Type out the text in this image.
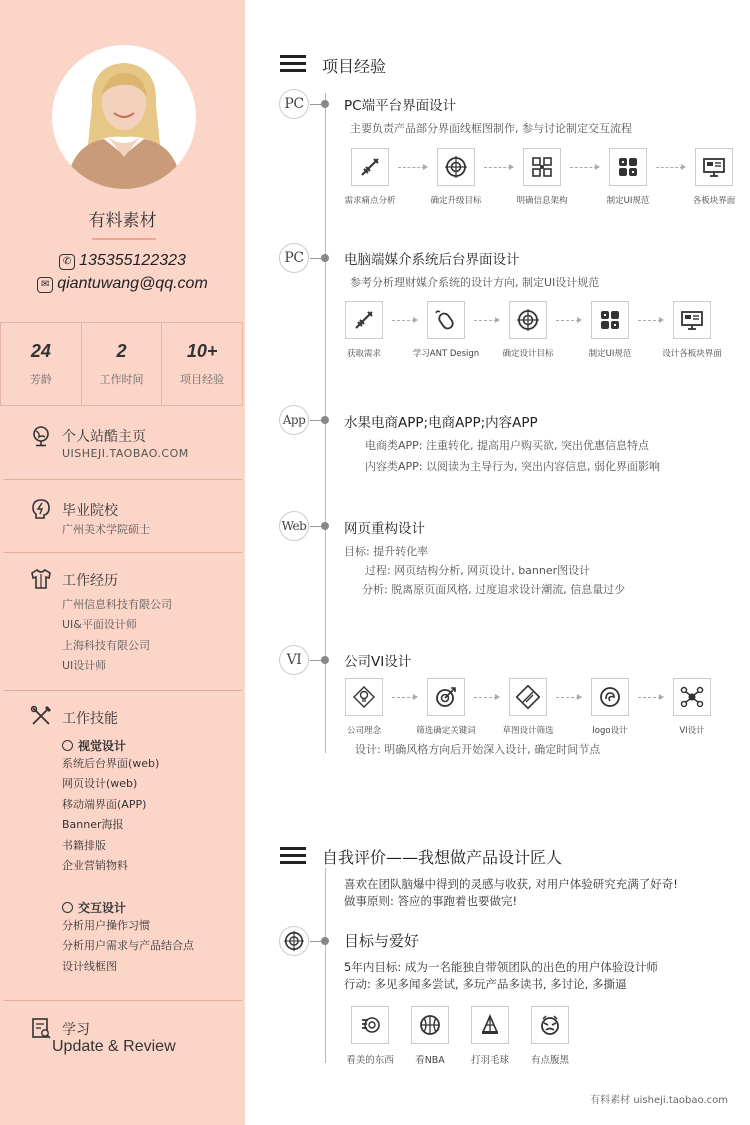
有料素材
✆ 135355122323
✉ qiantuwang@qq.com
24
芳龄
2
工作时间
10+
项目经验
个人站酷主页
UISHEJI.TAOBAO.COM
毕业院校
广州美术学院硕士
工作经历
广州信息科技有限公司
UI&平面设计师
上海科技有限公司
UI设计师
工作技能
视觉设计
系统后台界面(web)
网页设计(web)
移动端界面(APP)
Banner海报
书籍排版
企业营销物料
交互设计
分析用户操作习惯
分析用户需求与产品结合点
设计线框图
学习
Update & Review
项目经验
PC	PC端平台界面设计
主要负责产品部分界面线框图制作, 参与讨论制定交互流程
需求痛点分析	确定升级目标	明确信息架构	制定UI规范	各板块界面
PC	电脑端媒介系统后台界面设计
参考分析理财媒介系统的设计方向, 制定UI设计规范
获取需求	学习ANT Design	确定设计目标	制定UI规范	设计各板块界面
App	水果电商APP;电商APP;内容APP
电商类APP: 注重转化, 提高用户购买欲, 突出优惠信息特点
内容类APP: 以阅读为主导行为, 突出内容信息, 弱化界面影响
Web	网页重构设计
目标: 提升转化率
过程: 网页结构分析, 网页设计, banner图设计
分析: 脱离原页面风格, 过度追求设计潮流, 信息量过少
VI	公司VI设计
公司理念	筛选确定关键词	草图设计筛选	logo设计	VI设计
设计: 明确风格方向后开始深入设计, 确定时间节点
自我评价——我想做产品设计匠人
喜欢在团队脑爆中得到的灵感与收获, 对用户体验研究充满了好奇!
做事原则: 答应的事跑着也要做完!
目标与爱好
5年内目标: 成为一名能独自带领团队的出色的用户体验设计师
行动: 多见多闻多尝试, 多玩产品多读书, 多讨论, 多撕逼
看美的东西	看NBA	打羽毛球	有点腹黑
有料素材 uisheji.taobao.com
